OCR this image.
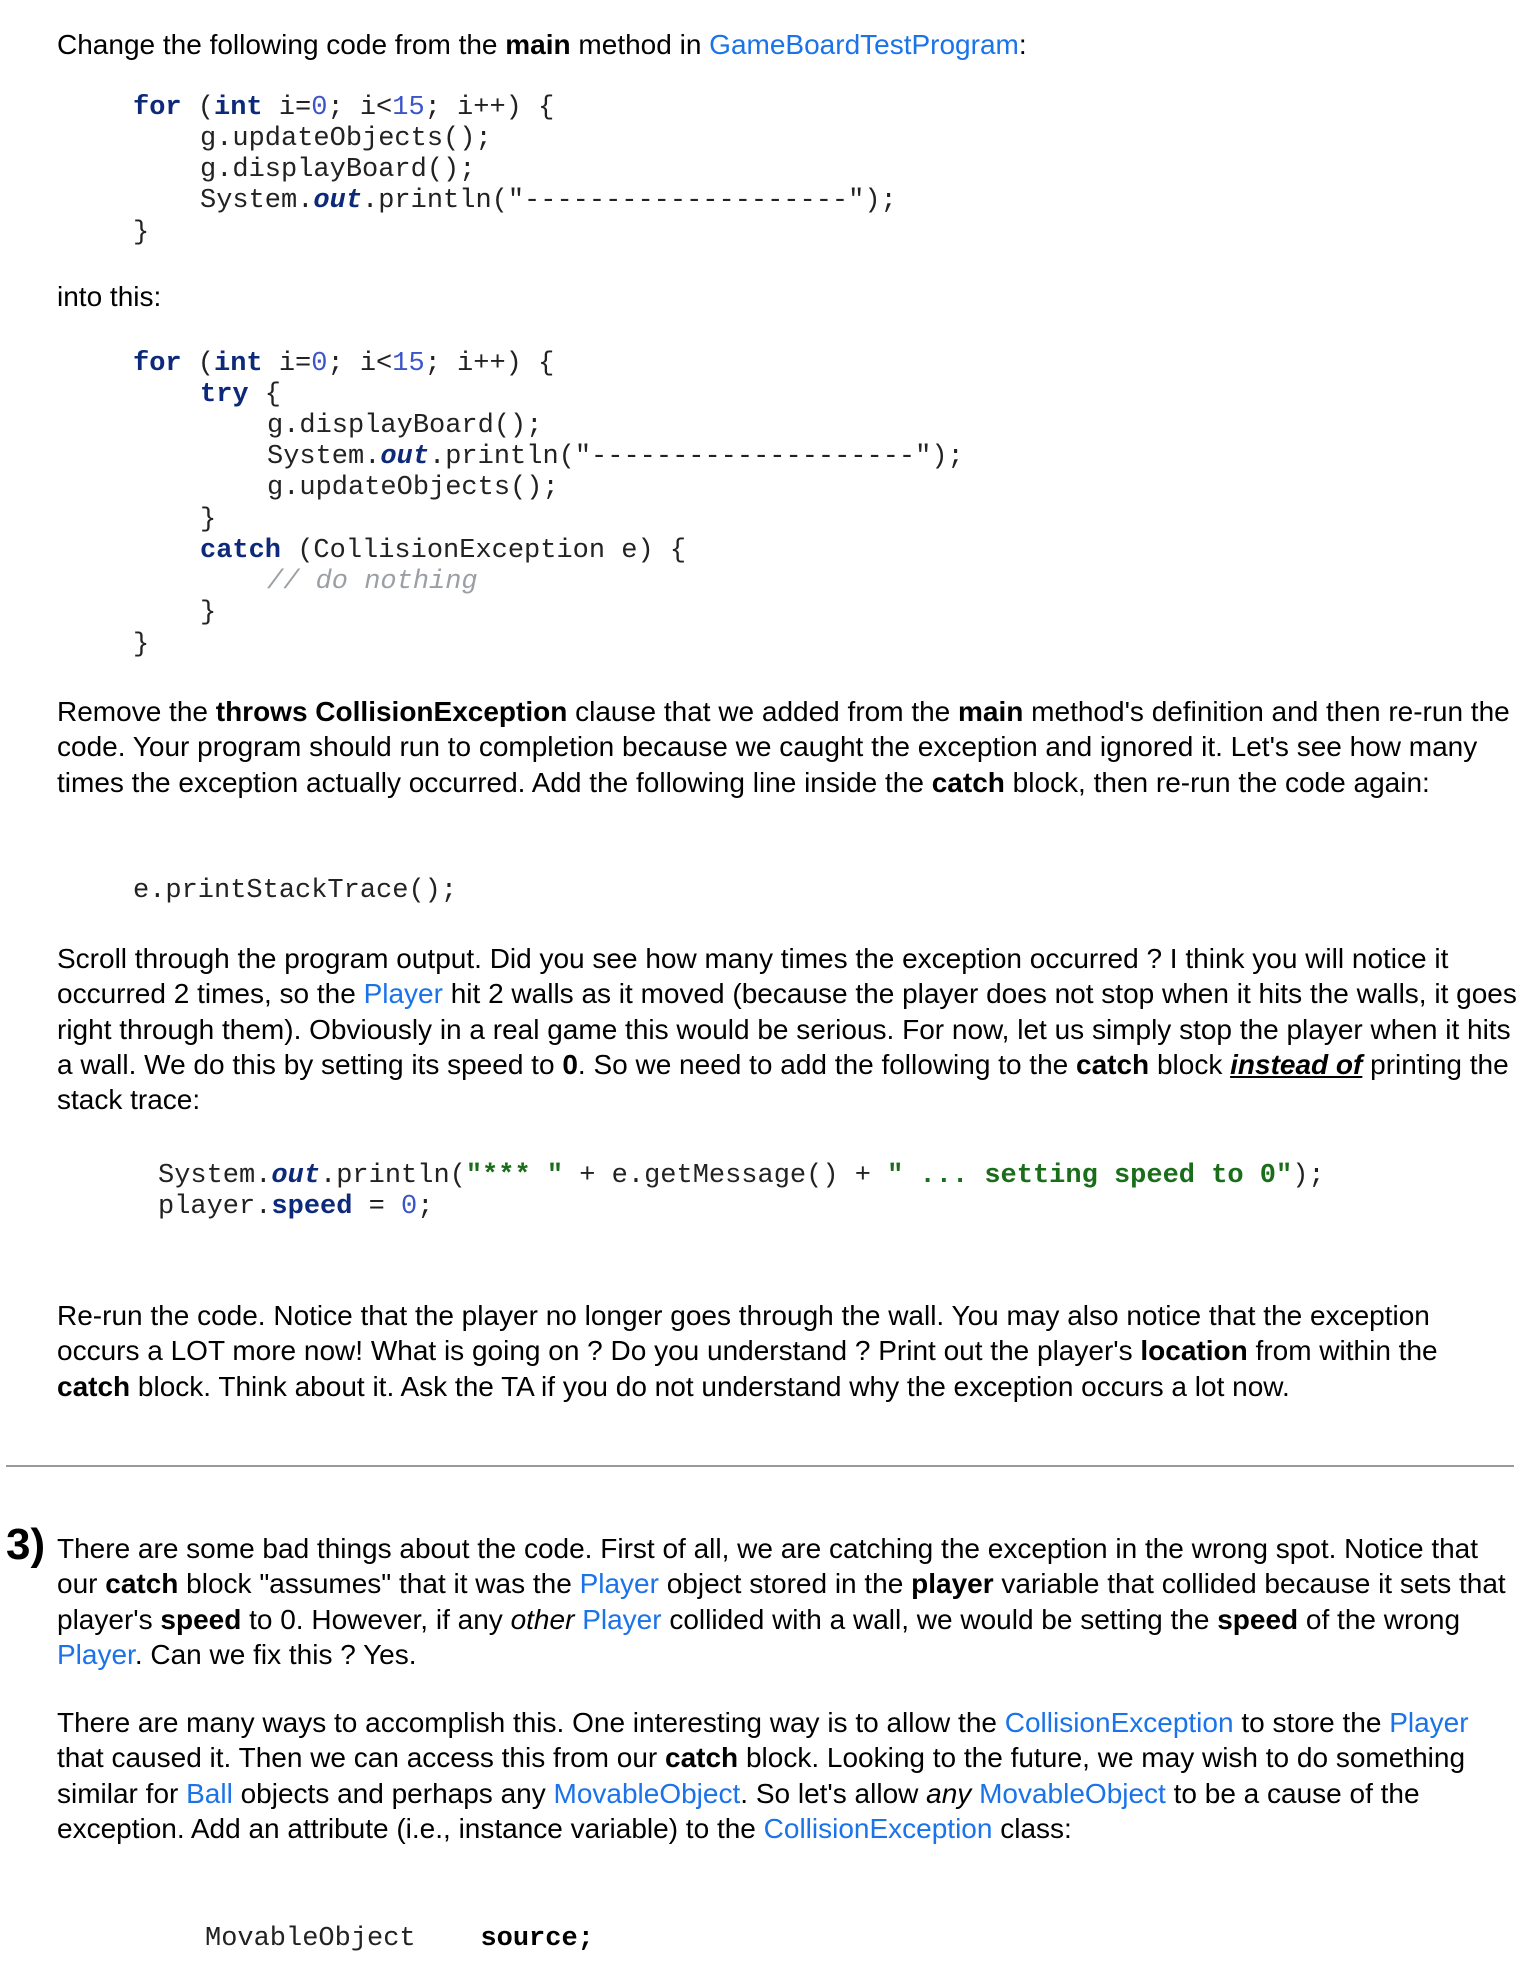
Change the following code from the main method in GameBoardTestProgram:
for (int i=0; i<15; i++) {
g.updateObjects();
g.displayBoard();
System.out.println("--------------------");
}
into this:
for (int i=0; i<15; i++) {
try {
g.displayBoard();
System.out.println("--------------------");
g.updateObjects();
}
catch (CollisionException e) {
// do nothing
}
}
Remove the throws CollisionException clause that we added from the main method's definition and then re-run the code. Your program should run to completion because we caught the exception and ignored it. Let's see how many times the exception actually occurred. Add the following line inside the catch block, then re-run the code again:
e.printStackTrace();
Scroll through the program output. Did you see how many times the exception occurred ? I think you will notice it occurred 2 times, so the Player hit 2 walls as it moved (because the player does not stop when it hits the walls, it goes right through them). Obviously in a real game this would be serious. For now, let us simply stop the player when it hits a wall. We do this by setting its speed to 0. So we need to add the following to the catch block instead of printing the stack trace:
System.out.println("*** " + e.getMessage() + " ... setting speed to 0");
player.speed = 0;
Re-run the code. Notice that the player no longer goes through the wall. You may also notice that the exception occurs a LOT more now! What is going on ? Do you understand ? Print out the player's location from within the catch block. Think about it. Ask the TA if you do not understand why the exception occurs a lot now.
3) There are some bad things about the code. First of all, we are catching the exception in the wrong spot. Notice that our catch block "assumes" that it was the Player object stored in the player variable that collided because it sets that player's speed to 0. However, if any other Player collided with a wall, we would be setting the speed of the wrong Player. Can we fix this ? Yes.
There are many ways to accomplish this. One interesting way is to allow the CollisionException to store the Player that caused it. Then we can access this from our catch block. Looking to the future, we may wish to do something similar for Ball objects and perhaps any MovableObject. So let's allow any MovableObject to be a cause of the exception. Add an attribute (i.e., instance variable) to the CollisionException class:
MovableObject source;
